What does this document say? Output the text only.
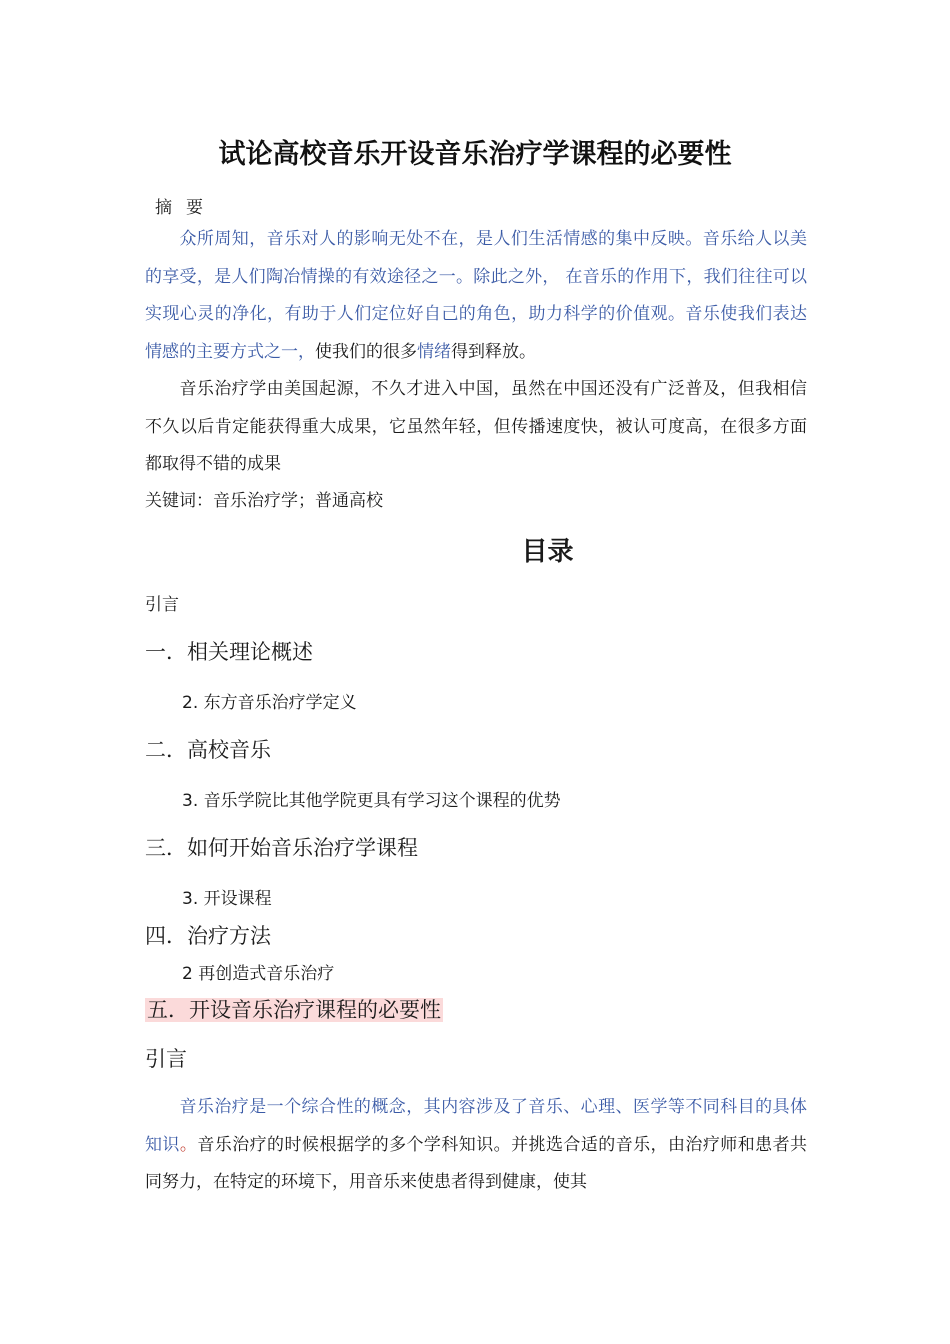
试论高校音乐开设音乐治疗学课程的必要性
摘要
众所周知，音乐对人的影响无处不在，是人们生活情感的集中反映。音乐给人以美的享受，是人们陶冶情操的有效途径之一。除此之外， 在音乐的作用下，我们往往可以实现心灵的净化，有助于人们定位好自己的角色，助力科学的价值观。音乐使我们表达情感的主要方式之一，使我们的很多情绪得到释放。
音乐治疗学由美国起源，不久才进入中国，虽然在中国还没有广泛普及，但我相信不久以后肯定能获得重大成果，它虽然年轻，但传播速度快，被认可度高，在很多方面都取得不错的成果
关键词：音乐治疗学；普通高校
目录
引言
一．相关理论概述
2. 东方音乐治疗学定义
二．高校音乐
3. 音乐学院比其他学院更具有学习这个课程的优势
三．如何开始音乐治疗学课程
3. 开设课程
四．治疗方法
2 再创造式音乐治疗
五．开设音乐治疗课程的必要性
引言
音乐治疗是一个综合性的概念，其内容涉及了音乐、心理、医学等不同科目的具体知识。音乐治疗的时候根据学的多个学科知识。并挑选合适的音乐，由治疗师和患者共同努力，在特定的环境下，用音乐来使患者得到健康，使其
